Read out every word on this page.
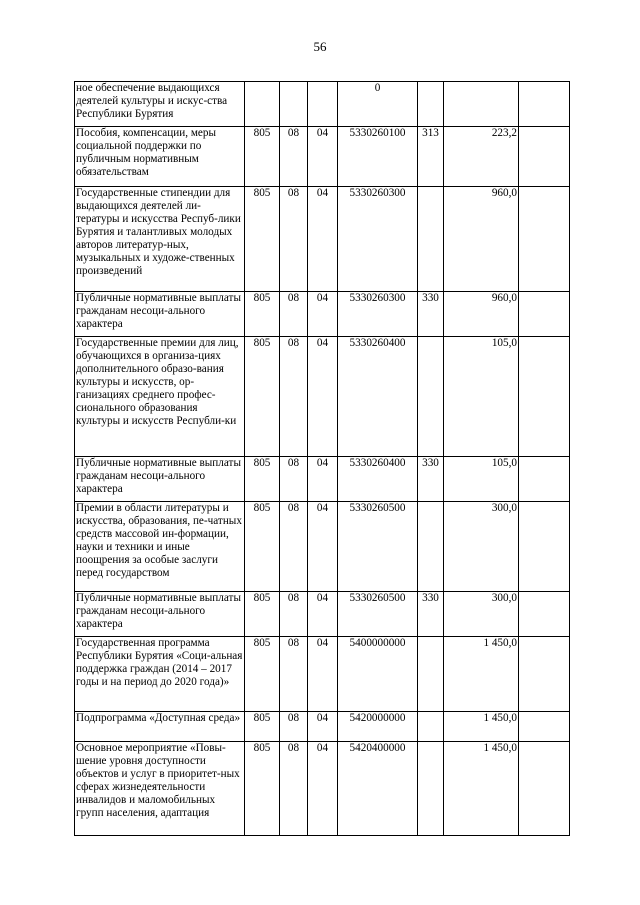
56
ное обеспечение выдающихся деятелей культуры и искус-ства Республики Бурятия				0			
Пособия, компенсации, меры социальной поддержки по публичным нормативным обязательствам	805	08	04	5330260100	313	223,2	
Государственные стипендии для выдающихся деятелей ли-тературы и искусства Респуб-лики Бурятия и талантливых молодых авторов литератур-ных, музыкальных и художе-ственных произведений	805	08	04	5330260300		960,0	
Публичные нормативные выплаты гражданам несоци-ального характера	805	08	04	5330260300	330	960,0	
Государственные премии для лиц, обучающихся в организа-циях дополнительного образо-вания культуры и искусств, ор-ганизациях среднего профес-сионального образования культуры и искусств Республи-ки	805	08	04	5330260400		105,0	
Публичные нормативные выплаты гражданам несоци-ального характера	805	08	04	5330260400	330	105,0	
Премии в области литературы и искусства, образования, пе-чатных средств массовой ин-формации, науки и техники и иные поощрения за особые заслуги перед государством	805	08	04	5330260500		300,0	
Публичные нормативные выплаты гражданам несоци-ального характера	805	08	04	5330260500	330	300,0	
Государственная программа Республики Бурятия «Соци-альная поддержка граждан (2014 – 2017 годы и на период до 2020 года)»	805	08	04	5400000000		1 450,0	
Подпрограмма «Доступная среда»	805	08	04	5420000000		1 450,0	
Основное мероприятие «Повы-шение уровня доступности объектов и услуг в приоритет-ных сферах жизнедеятельности инвалидов и маломобильных групп населения, адаптация	805	08	04	5420400000		1 450,0	
